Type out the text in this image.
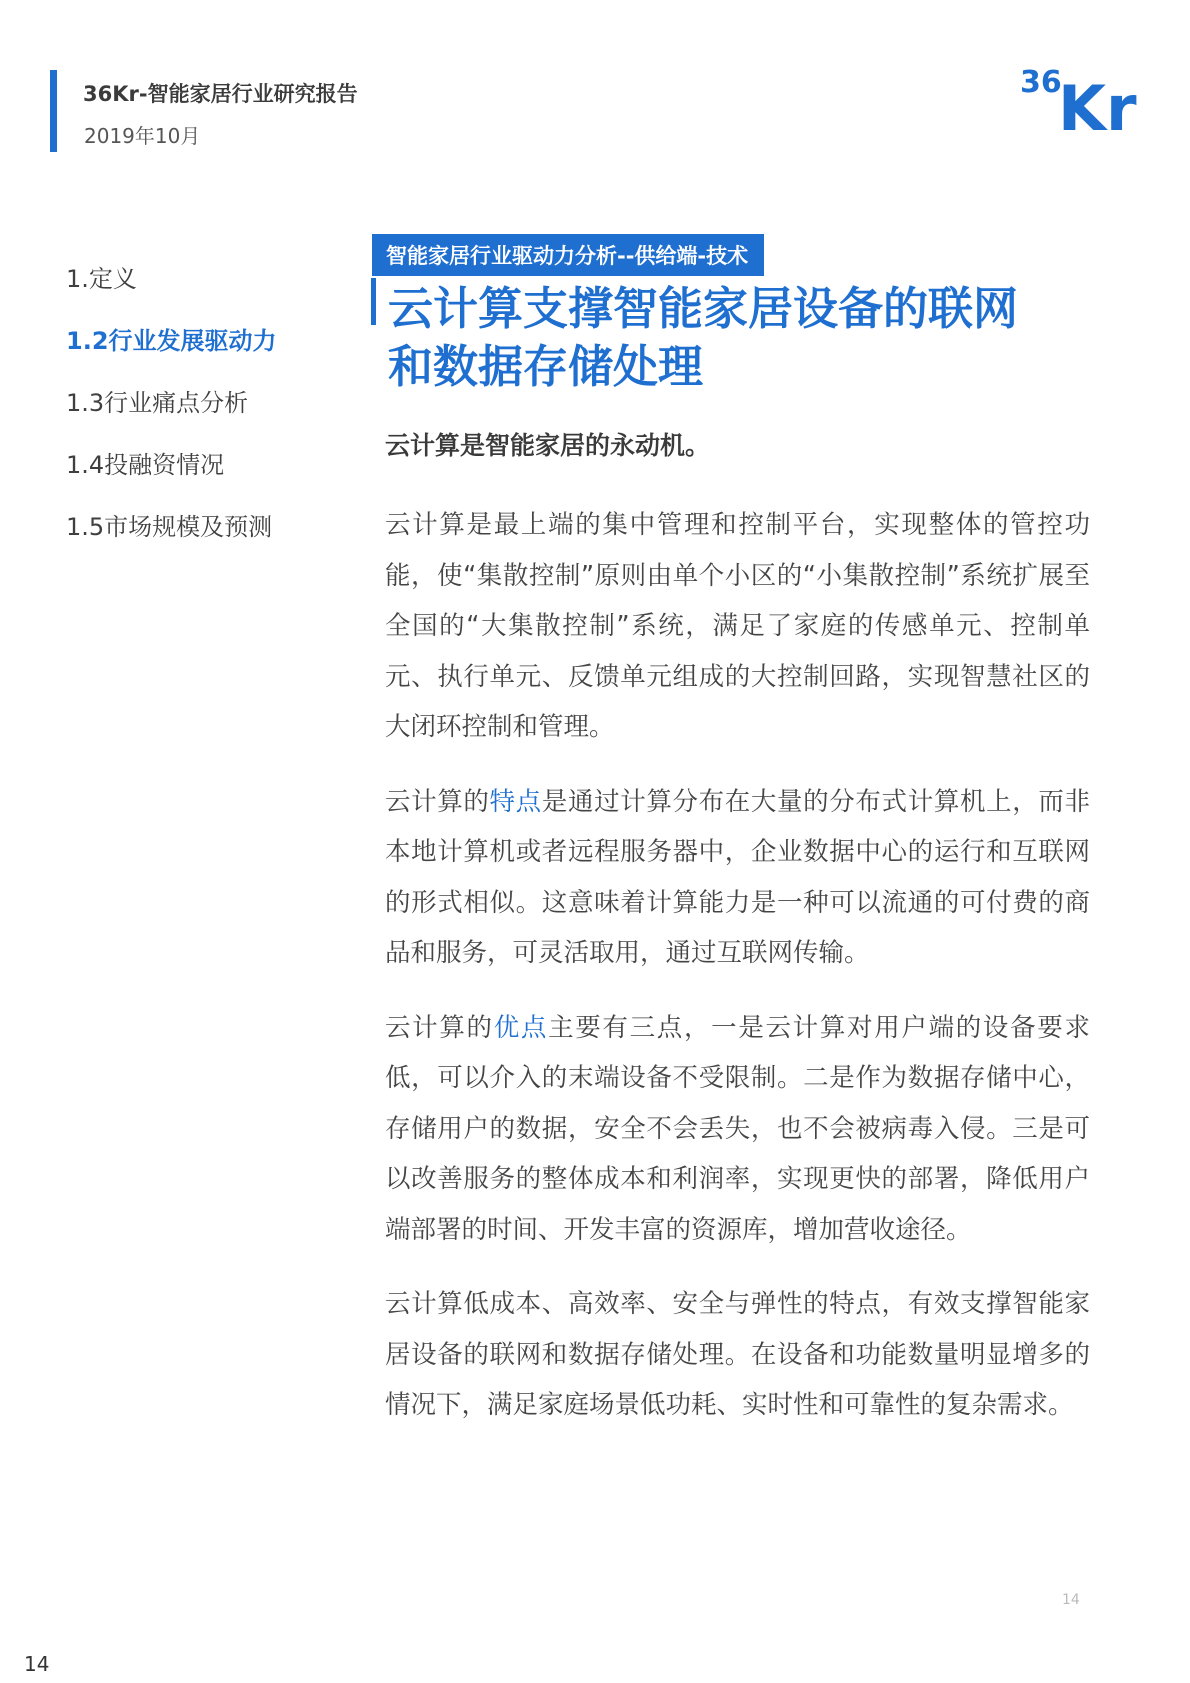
36Kr-智能家居行业研究报告
2019年10月
36
Kr
1.定义
1.2行业发展驱动力
1.3行业痛点分析
1.4投融资情况
1.5市场规模及预测
智能家居行业驱动力分析--供给端-技术
云计算支撑智能家居设备的联网
和数据存储处理

云计算是智能家居的永动机。

云计算是最上端的集中管理和控制平台，实现整体的管控功能，使“集散控制”原则由单个小区的“小集散控制”系统扩展至全国的“大集散控制”系统，满足了家庭的传感单元、控制单元、执行单元、反馈单元组成的大控制回路，实现智慧社区的大闭环控制和管理。

云计算的特点是通过计算分布在大量的分布式计算机上，而非本地计算机或者远程服务器中，企业数据中心的运行和互联网的形式相似。这意味着计算能力是一种可以流通的可付费的商品和服务，可灵活取用，通过互联网传输。

云计算的优点主要有三点，一是云计算对用户端的设备要求低，可以介入的末端设备不受限制。二是作为数据存储中心，存储用户的数据，安全不会丢失，也不会被病毒入侵。三是可以改善服务的整体成本和利润率，实现更快的部署，降低用户端部署的时间、开发丰富的资源库，增加营收途径。

云计算低成本、高效率、安全与弹性的特点，有效支撑智能家居设备的联网和数据存储处理。在设备和功能数量明显增多的情况下，满足家庭场景低功耗、实时性和可靠性的复杂需求。

14
14
